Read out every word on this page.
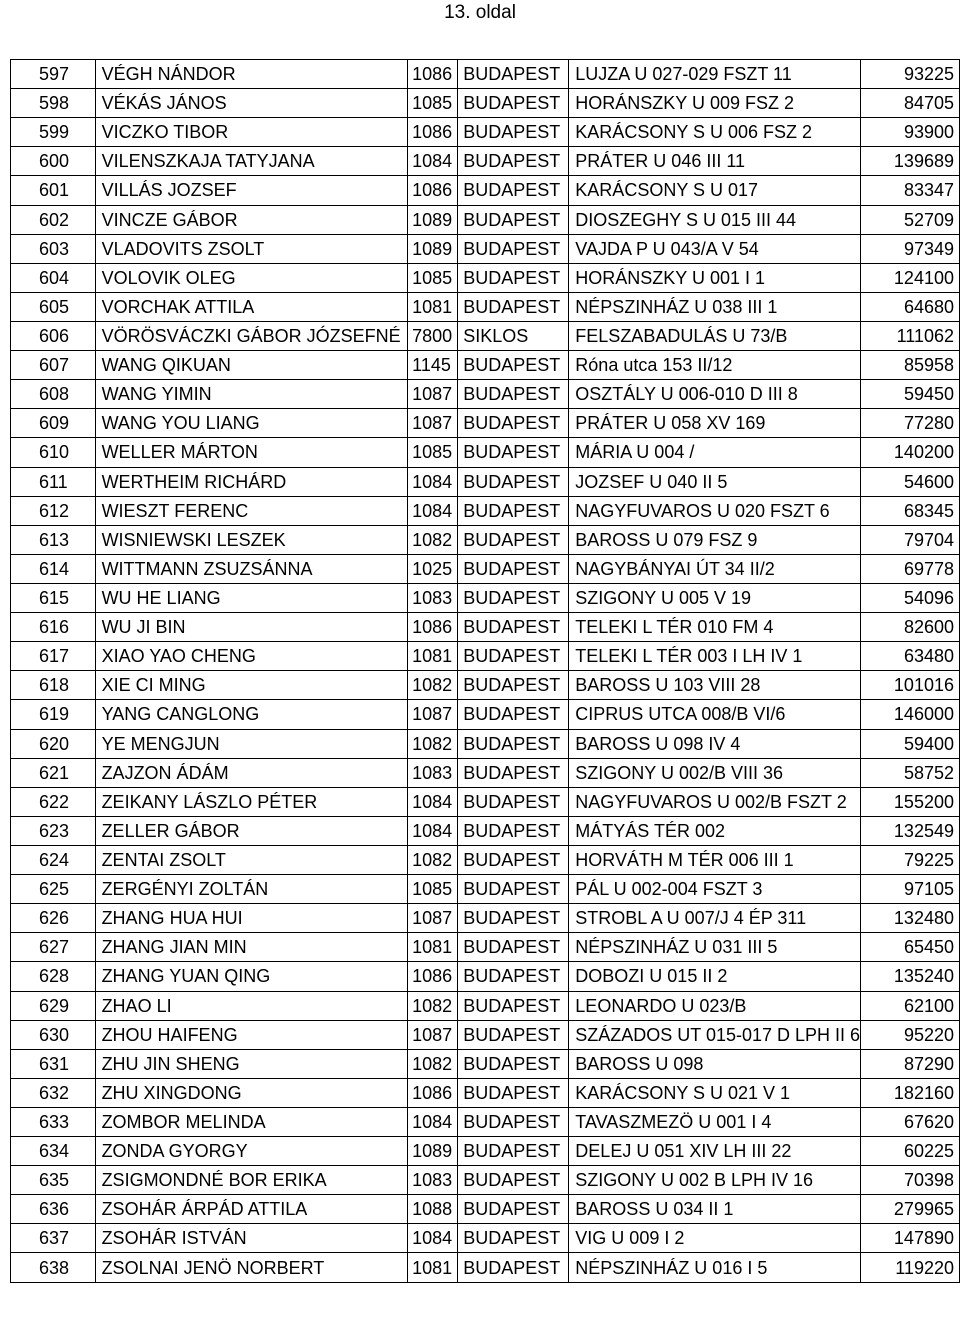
13. oldal
597	VÉGH NÁNDOR	1086	BUDAPEST	LUJZA U 027-029 FSZT 11	93225
598	VÉKÁS JÁNOS	1085	BUDAPEST	HORÁNSZKY U 009 FSZ 2	84705
599	VICZKO TIBOR	1086	BUDAPEST	KARÁCSONY S U 006 FSZ 2	93900
600	VILENSZKAJA TATYJANA	1084	BUDAPEST	PRÁTER U 046 III 11	139689
601	VILLÁS JOZSEF	1086	BUDAPEST	KARÁCSONY S U 017	83347
602	VINCZE GÁBOR	1089	BUDAPEST	DIOSZEGHY S U 015 III 44	52709
603	VLADOVITS ZSOLT	1089	BUDAPEST	VAJDA P U 043/A V 54	97349
604	VOLOVIK OLEG	1085	BUDAPEST	HORÁNSZKY U 001 I 1	124100
605	VORCHAK ATTILA	1081	BUDAPEST	NÉPSZINHÁZ U 038 III 1	64680
606	VÖRÖSVÁCZKI GÁBOR JÓZSEFNÉ	7800	SIKLOS	FELSZABADULÁS U 73/B	111062
607	WANG QIKUAN	1145	BUDAPEST	Róna utca 153 II/12	85958
608	WANG YIMIN	1087	BUDAPEST	OSZTÁLY U 006-010 D III 8	59450
609	WANG YOU LIANG	1087	BUDAPEST	PRÁTER U 058 XV 169	77280
610	WELLER MÁRTON	1085	BUDAPEST	MÁRIA U 004 /	140200
611	WERTHEIM RICHÁRD	1084	BUDAPEST	JOZSEF U 040 II 5	54600
612	WIESZT FERENC	1084	BUDAPEST	NAGYFUVAROS U 020 FSZT 6	68345
613	WISNIEWSKI LESZEK	1082	BUDAPEST	BAROSS U 079 FSZ 9	79704
614	WITTMANN ZSUZSÁNNA	1025	BUDAPEST	NAGYBÁNYAI ÚT 34 II/2	69778
615	WU HE LIANG	1083	BUDAPEST	SZIGONY U 005 V 19	54096
616	WU JI BIN	1086	BUDAPEST	TELEKI L TÉR 010 FM 4	82600
617	XIAO YAO CHENG	1081	BUDAPEST	TELEKI L TÉR 003 I LH IV 1	63480
618	XIE CI MING	1082	BUDAPEST	BAROSS U 103 VIII 28	101016
619	YANG CANGLONG	1087	BUDAPEST	CIPRUS UTCA 008/B VI/6	146000
620	YE MENGJUN	1082	BUDAPEST	BAROSS U 098 IV 4	59400
621	ZAJZON ÁDÁM	1083	BUDAPEST	SZIGONY U 002/B VIII 36	58752
622	ZEIKANY LÁSZLO PÉTER	1084	BUDAPEST	NAGYFUVAROS U 002/B FSZT 2	155200
623	ZELLER GÁBOR	1084	BUDAPEST	MÁTYÁS TÉR 002	132549
624	ZENTAI ZSOLT	1082	BUDAPEST	HORVÁTH M TÉR 006 III 1	79225
625	ZERGÉNYI ZOLTÁN	1085	BUDAPEST	PÁL U 002-004 FSZT 3	97105
626	ZHANG HUA HUI	1087	BUDAPEST	STROBL A U 007/J 4 ÉP 311	132480
627	ZHANG JIAN MIN	1081	BUDAPEST	NÉPSZINHÁZ U 031 III 5	65450
628	ZHANG YUAN QING	1086	BUDAPEST	DOBOZI U 015 II 2	135240
629	ZHAO LI	1082	BUDAPEST	LEONARDO U 023/B	62100
630	ZHOU HAIFENG	1087	BUDAPEST	SZÁZADOS UT 015-017 D LPH II 6	95220
631	ZHU JIN SHENG	1082	BUDAPEST	BAROSS U 098	87290
632	ZHU XINGDONG	1086	BUDAPEST	KARÁCSONY S U 021 V 1	182160
633	ZOMBOR MELINDA	1084	BUDAPEST	TAVASZMEZÖ U 001 I 4	67620
634	ZONDA GYORGY	1089	BUDAPEST	DELEJ U 051 XIV LH III 22	60225
635	ZSIGMONDNÉ BOR ERIKA	1083	BUDAPEST	SZIGONY U 002 B LPH IV 16	70398
636	ZSOHÁR ÁRPÁD ATTILA	1088	BUDAPEST	BAROSS U 034 II 1	279965
637	ZSOHÁR ISTVÁN	1084	BUDAPEST	VIG U 009 I 2	147890
638	ZSOLNAI JENÖ NORBERT	1081	BUDAPEST	NÉPSZINHÁZ U 016 I 5	119220
